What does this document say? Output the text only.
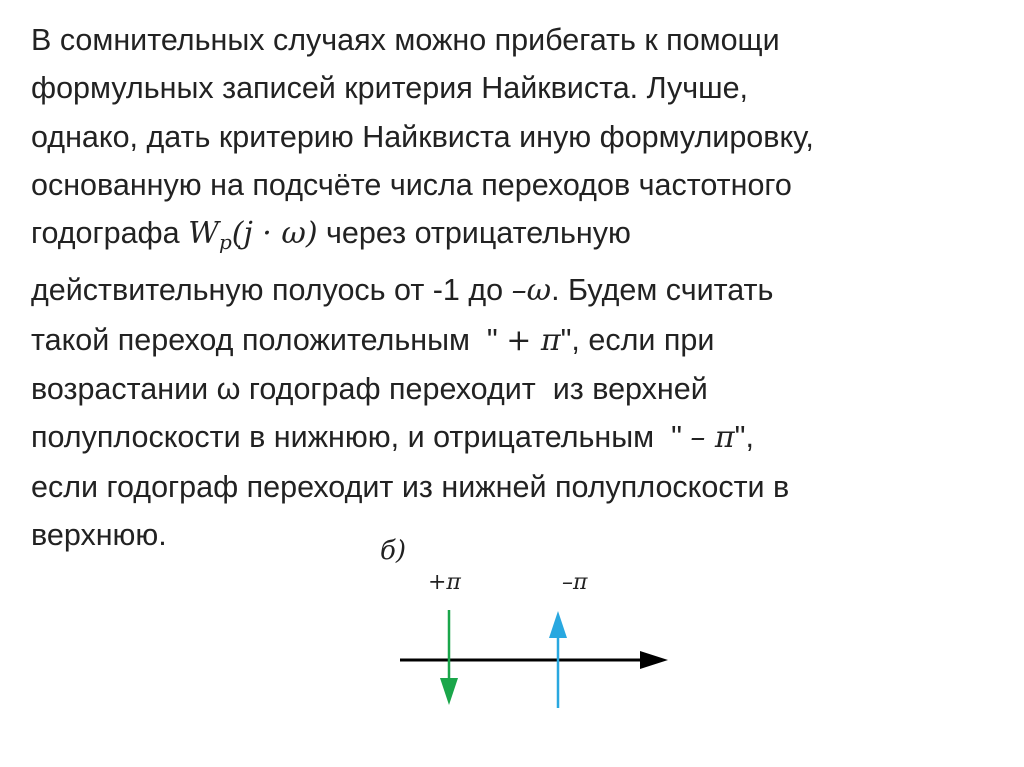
В сомнительных случаях можно прибегать к помощи
формульных записей критерия Найквиста. Лучше,
однако, дать критерию Найквиста иную формулировку,
основанную на подсчёте числа переходов частотного
годографа $W_p(j \cdot \omega)$ через отрицательную
действительную полуось от -1 до –ω. Будем считать
такой переход положительным  " + π", если при
возрастании ω годограф переходит  из верхней
полуплоскости в нижнюю, и отрицательным  " – π",
если годограф переходит из нижней полуплоскости в
верхнюю.	б)
+π	–π
